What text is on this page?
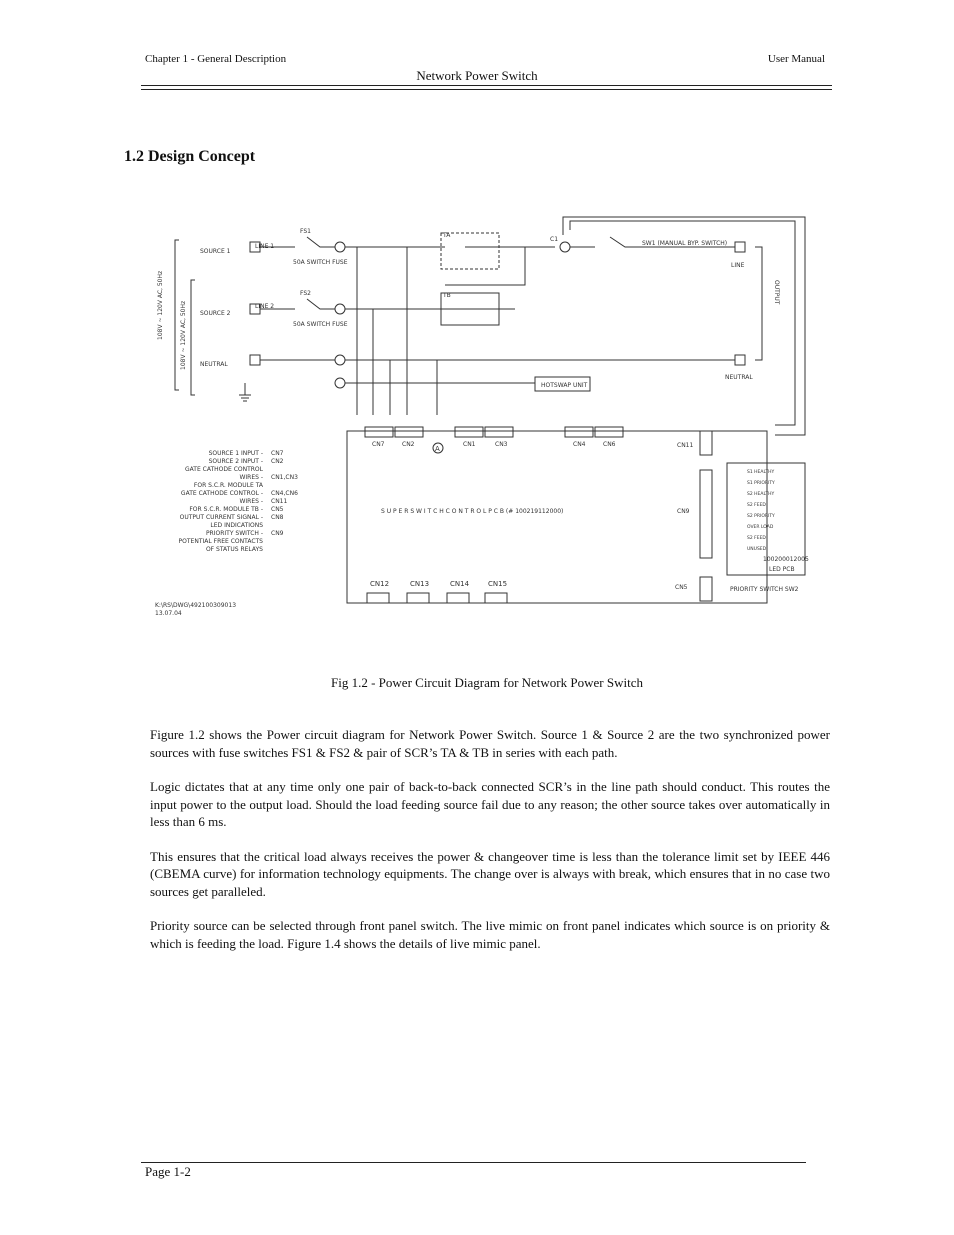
Chapter 1 - General Description	User Manual
Network Power Switch
1.2 Design Concept
SOURCE 1
SOURCE 2
NEUTRAL
LINE 1
LINE 2
FS1
FS2
50A SWITCH FUSE
50A SWITCH FUSE
TA
TB
C1
SW1 (MANUAL BYP. SWITCH)
LINE
NEUTRAL
HOTSWAP UNIT
S U P E R S W I T C H C O N T R O L P C B (# 100219112000)
A
100200012005
LED PCB
PRIORITY SWITCH SW2
K:\RS\DWG\492100309013
13.07.04
108V ~ 120V AC, 50Hz	108V ~ 120V AC, 50Hz
OUTPUT
CN7	CN2	CN1	CN3	CN4	CN6	CN11
CN12	CN13	CN14	CN15
CN9
CN5
SOURCE 1 INPUT - CN7
SOURCE 2 INPUT - CN2
GATE CATHODE CONTROL
WIRES - CN1,CN3
FOR S.C.R. MODULE TA
GATE CATHODE CONTROL - CN4,CN6
WIRES - CN11
FOR S.C.R. MODULE TB - CN5
OUTPUT CURRENT SIGNAL - CN8
LED INDICATIONS
PRIORITY SWITCH - CN9
POTENTIAL FREE CONTACTS
OF STATUS RELAYS
S1 HEALTHY
S1 PRIORITY
S2 HEALTHY
S2 FEED
S2 PRIORITY
OVER LOAD
S2 FEED
UNUSED
Fig 1.2 - Power Circuit Diagram for Network Power Switch

Figure 1.2 shows the Power circuit diagram for Network Power Switch. Source 1 & Source 2 are the two synchronized power sources with fuse switches FS1 & FS2 & pair of SCR’s TA & TB in series with each path.

Logic dictates that at any time only one pair of back-to-back connected SCR’s in the line path should conduct. This routes the input power to the output load. Should the load feeding source fail due to any reason; the other source takes over automatically in less than 6 ms.

This ensures that the critical load always receives the power & changeover time is less than the tolerance limit set by IEEE 446 (CBEMA curve) for information technology equipments. The change over is always with break, which ensures that in no case two sources get paralleled.

Priority source can be selected through front panel switch. The live mimic on front panel indicates which source is on priority & which is feeding the load. Figure 1.4 shows the details of live mimic panel.

Page 1-2
